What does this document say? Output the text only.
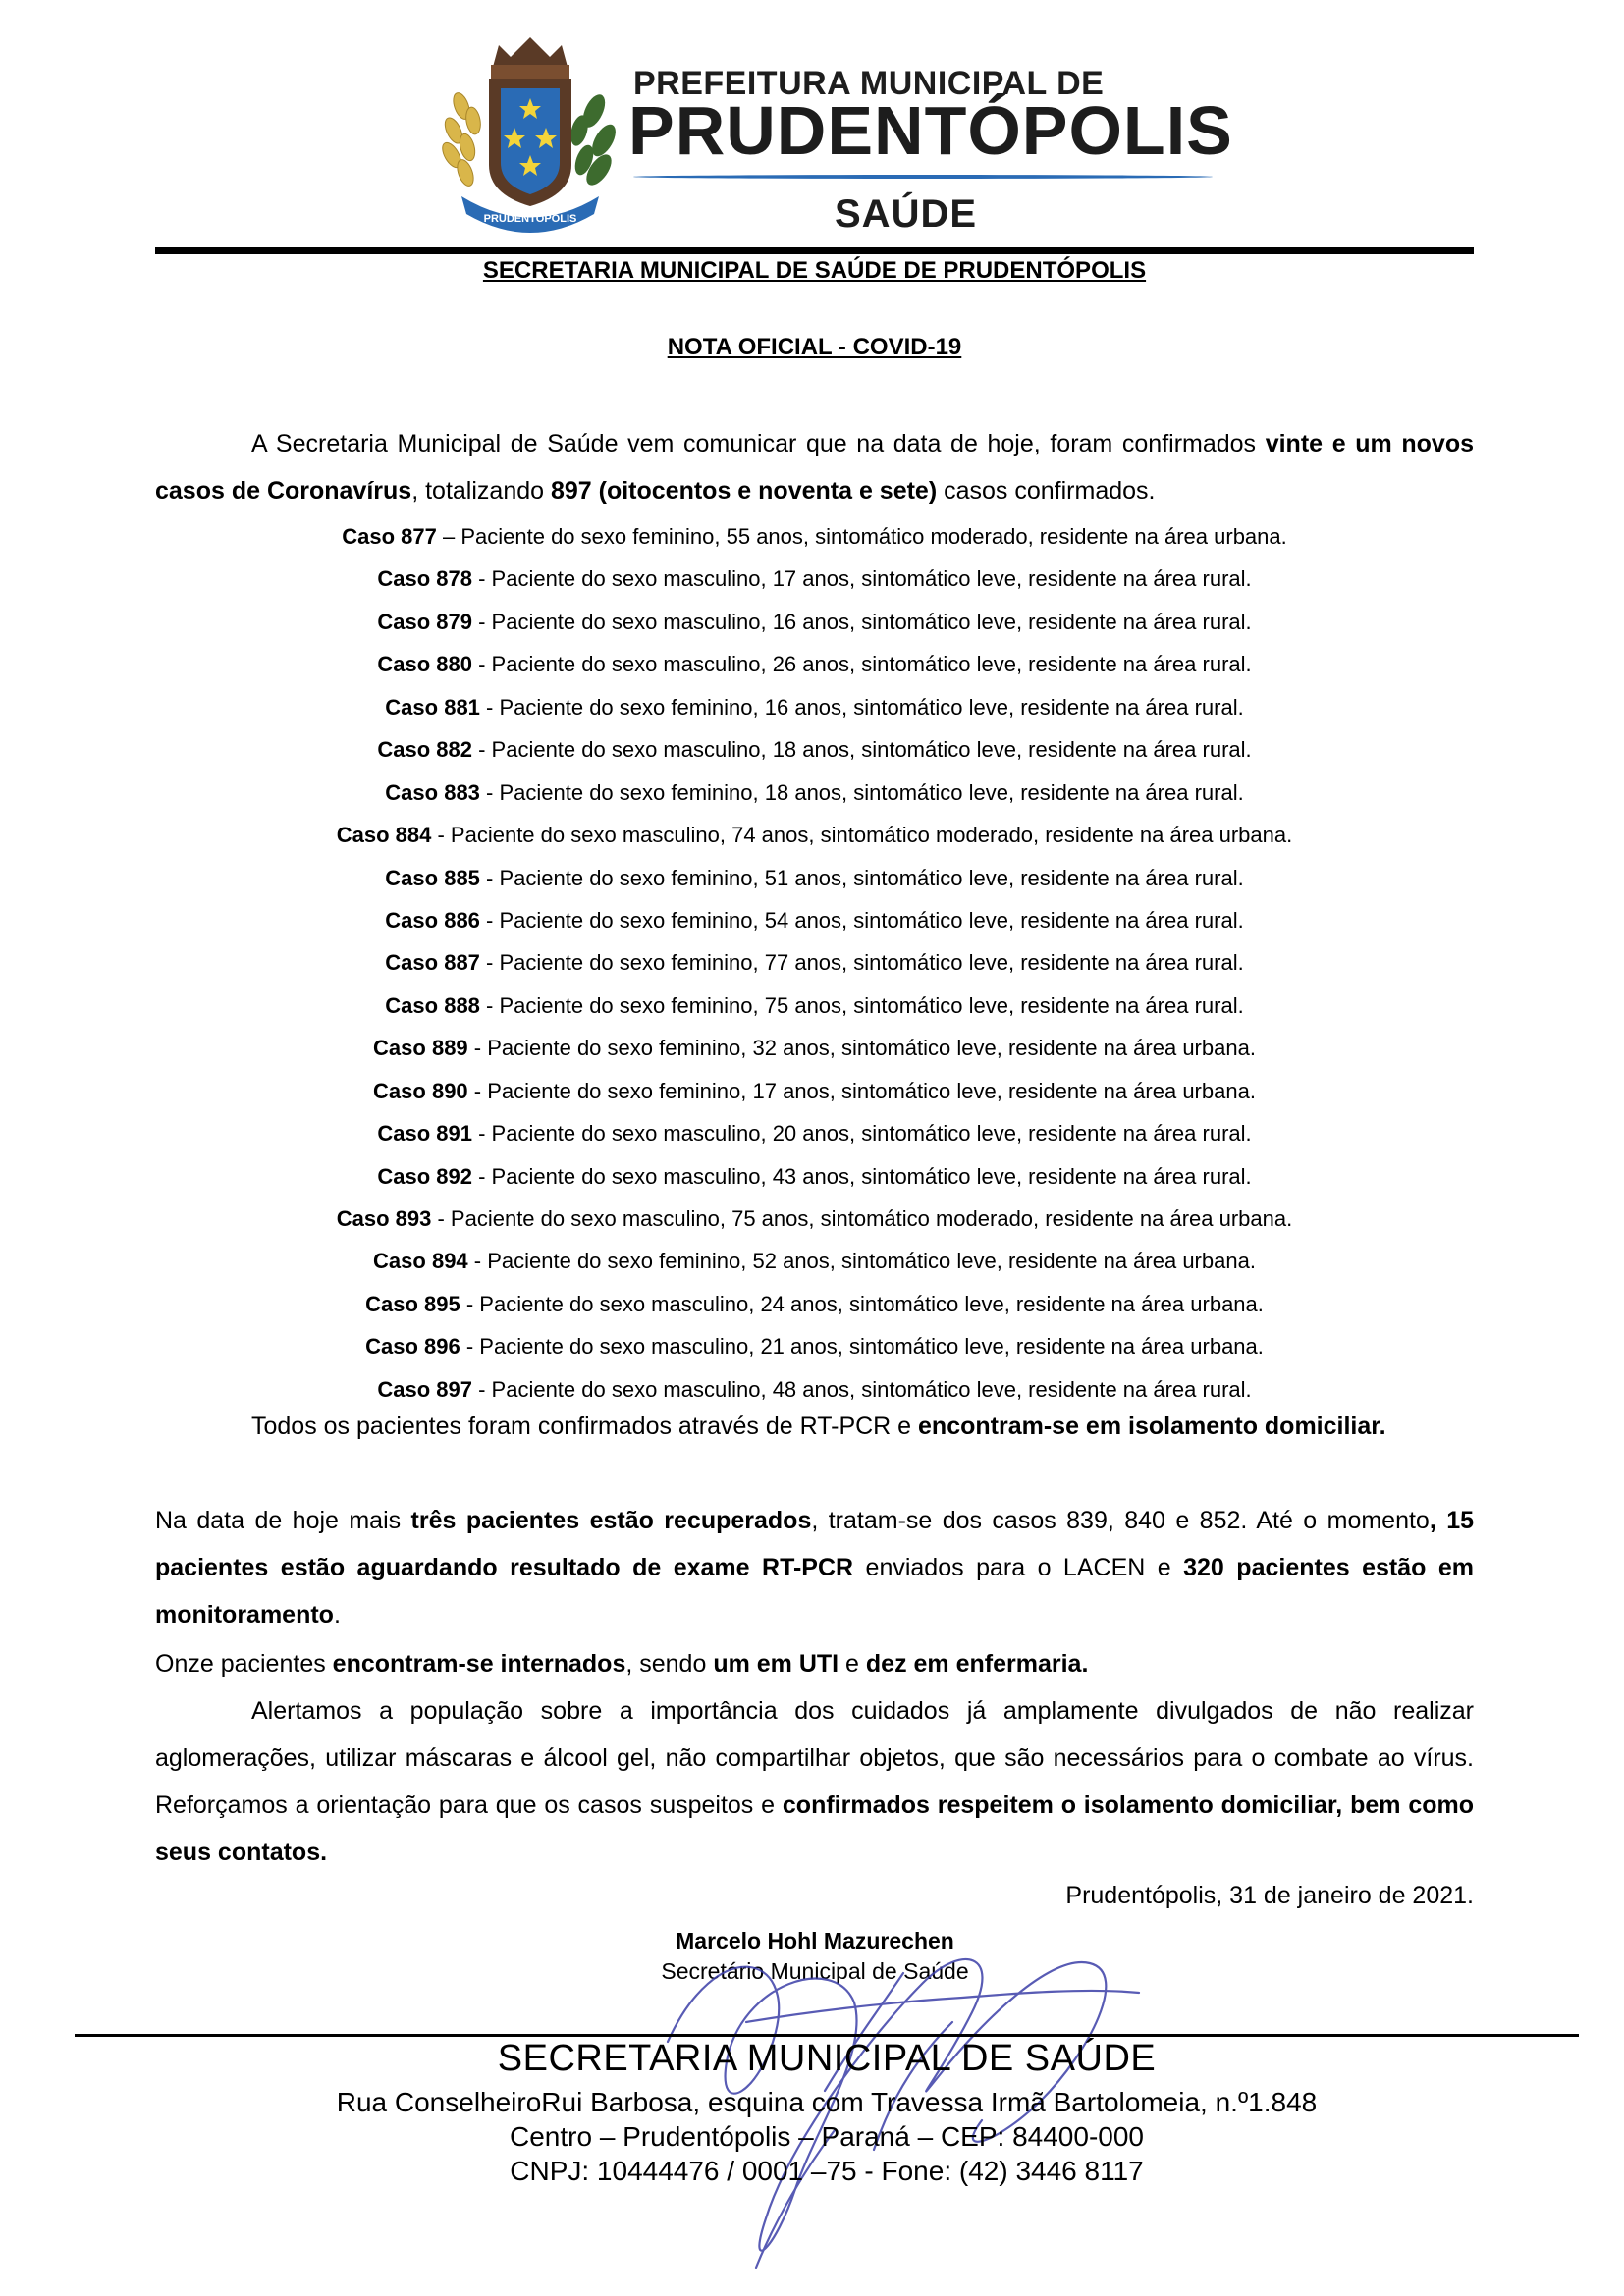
PRUDENTÓPOLIS
PREFEITURA MUNICIPAL DE
PRUDENTÓPOLIS
SAÚDE
SECRETARIA MUNICIPAL DE SAÚDE DE PRUDENTÓPOLIS
NOTA OFICIAL - COVID-19
A Secretaria Municipal de Saúde vem comunicar que na data de hoje, foram confirmados vinte e um novos casos de Coronavírus, totalizando 897 (oitocentos e noventa e sete) casos confirmados.
Caso 877 – Paciente do sexo feminino, 55 anos, sintomático moderado, residente na área urbana.
Caso 878 - Paciente do sexo masculino, 17 anos, sintomático leve, residente na área rural.
Caso 879 - Paciente do sexo masculino, 16 anos, sintomático leve, residente na área rural.
Caso 880 - Paciente do sexo masculino, 26 anos, sintomático leve, residente na área rural.
Caso 881 - Paciente do sexo feminino, 16 anos, sintomático leve, residente na área rural.
Caso 882 - Paciente do sexo masculino, 18 anos, sintomático leve, residente na área rural.
Caso 883 - Paciente do sexo feminino, 18 anos, sintomático leve, residente na área rural.
Caso 884 - Paciente do sexo masculino, 74 anos, sintomático moderado, residente na área urbana.
Caso 885 - Paciente do sexo feminino, 51 anos, sintomático leve, residente na área rural.
Caso 886 - Paciente do sexo feminino, 54 anos, sintomático leve, residente na área rural.
Caso 887 - Paciente do sexo feminino, 77 anos, sintomático leve, residente na área rural.
Caso 888 - Paciente do sexo feminino, 75 anos, sintomático leve, residente na área rural.
Caso 889 - Paciente do sexo feminino, 32 anos, sintomático leve, residente na área urbana.
Caso 890 - Paciente do sexo feminino, 17 anos, sintomático leve, residente na área urbana.
Caso 891 - Paciente do sexo masculino, 20 anos, sintomático leve, residente na área rural.
Caso 892 - Paciente do sexo masculino, 43 anos, sintomático leve, residente na área rural.
Caso 893 - Paciente do sexo masculino, 75 anos, sintomático moderado, residente na área urbana.
Caso 894 - Paciente do sexo feminino, 52 anos, sintomático leve, residente na área urbana.
Caso 895 - Paciente do sexo masculino, 24 anos, sintomático leve, residente na área urbana.
Caso 896 - Paciente do sexo masculino, 21 anos, sintomático leve, residente na área urbana.
Caso 897 - Paciente do sexo masculino, 48 anos, sintomático leve, residente na área rural.
Todos os pacientes foram confirmados através de RT-PCR e encontram-se em isolamento domiciliar.
Na data de hoje mais três pacientes estão recuperados, tratam-se dos casos 839, 840 e 852. Até o momento, 15 pacientes estão aguardando resultado de exame RT-PCR enviados para o LACEN e 320 pacientes estão em monitoramento.
Onze pacientes encontram-se internados, sendo um em UTI e dez em enfermaria.
Alertamos a população sobre a importância dos cuidados já amplamente divulgados de não realizar aglomerações, utilizar máscaras e álcool gel, não compartilhar objetos, que são necessários para o combate ao vírus. Reforçamos a orientação para que os casos suspeitos e confirmados respeitem o isolamento domiciliar, bem como seus contatos.
Prudentópolis, 31 de janeiro de 2021.
Marcelo Hohl Mazurechen
Secretário Municipal de Saúde
SECRETARIA MUNICIPAL DE SAÚDE
Rua ConselheiroRui Barbosa, esquina com Travessa Irmã Bartolomeia, n.º1.848
Centro – Prudentópolis – Paraná – CEP: 84400-000
CNPJ: 10444476 / 0001 –75 - Fone: (42) 3446 8117
